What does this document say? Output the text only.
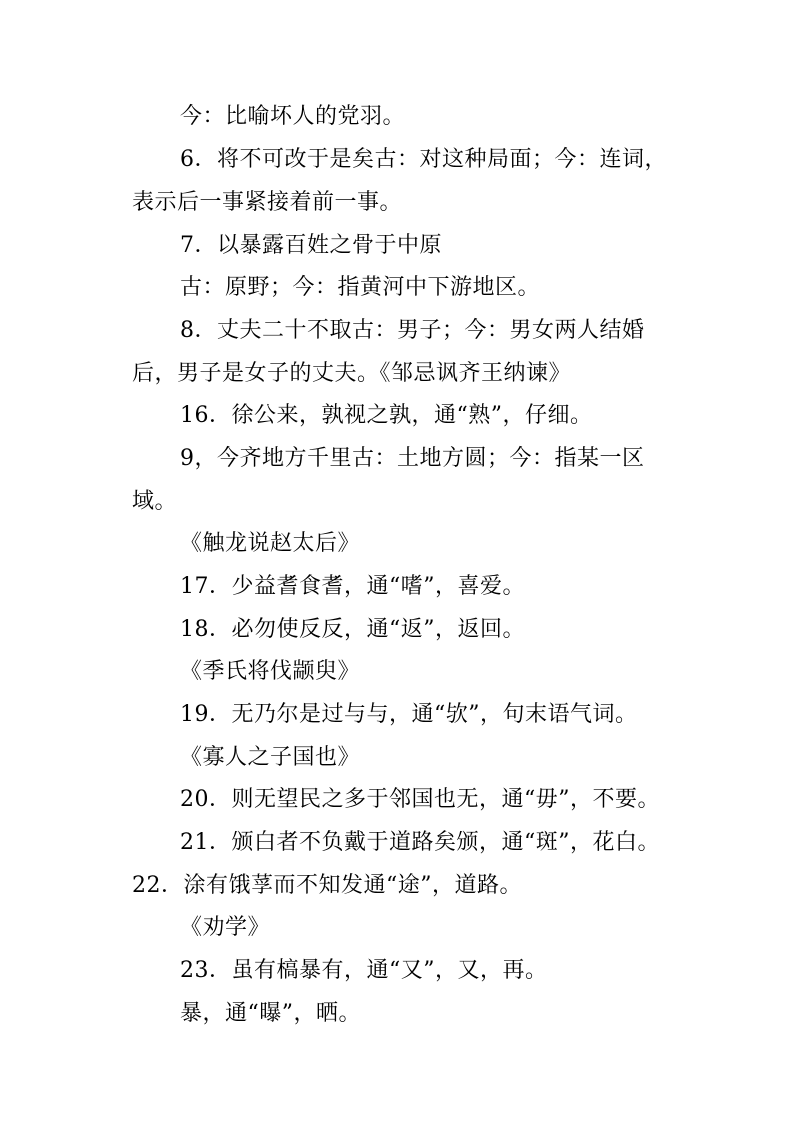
今：比喻坏人的党羽。
6．将不可改于是矣古：对这种局面；今：连词，
表示后一事紧接着前一事。
7．以暴露百姓之骨于中原
古：原野；今：指黄河中下游地区。
8．丈夫二十不取古：男子；今：男女两人结婚
后，男子是女子的丈夫。《邹忌讽齐王纳谏》
16．徐公来，孰视之孰，通“熟”，仔细。
9，今齐地方千里古：土地方圆；今：指某一区
域。
《触龙说赵太后》
17．少益耆食耆，通“嗜”，喜爱。
18．必勿使反反，通“返”，返回。
《季氏将伐颛臾》
19．无乃尔是过与与，通“欤”，句末语气词。
《寡人之子国也》
20．则无望民之多于邻国也无，通“毋”，不要。
21．颁白者不负戴于道路矣颁，通“斑”，花白。
22．涂有饿莩而不知发通“途”，道路。
《劝学》
23．虽有槁暴有，通“又”，又，再。
暴，通“曝”，晒。
